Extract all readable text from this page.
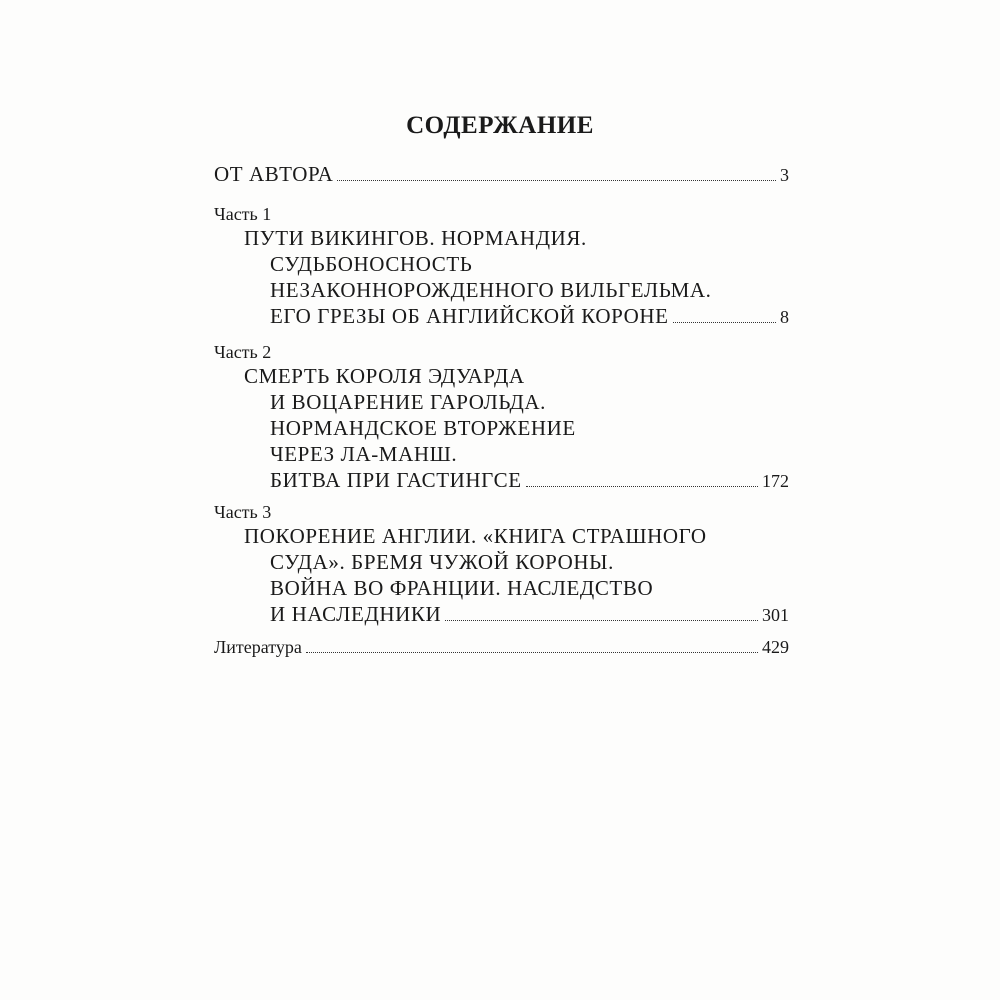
СОДЕРЖАНИЕ
ОТ АВТОРА	3
Часть 1
ПУТИ ВИКИНГОВ. НОРМАНДИЯ.
СУДЬБОНОСНОСТЬ
НЕЗАКОННОРОЖДЕННОГО ВИЛЬГЕЛЬМА.
ЕГО ГРЕЗЫ ОБ АНГЛИЙСКОЙ КОРОНЕ	8
Часть 2
СМЕРТЬ КОРОЛЯ ЭДУАРДА
И ВОЦАРЕНИЕ ГАРОЛЬДА.
НОРМАНДСКОЕ ВТОРЖЕНИЕ
ЧЕРЕЗ ЛА-МАНШ.
БИТВА ПРИ ГАСТИНГСЕ	172
Часть 3
ПОКОРЕНИЕ АНГЛИИ. «КНИГА СТРАШНОГО
СУДА». БРЕМЯ ЧУЖОЙ КОРОНЫ.
ВОЙНА ВО ФРАНЦИИ. НАСЛЕДСТВО
И НАСЛЕДНИКИ	301
Литература	429
